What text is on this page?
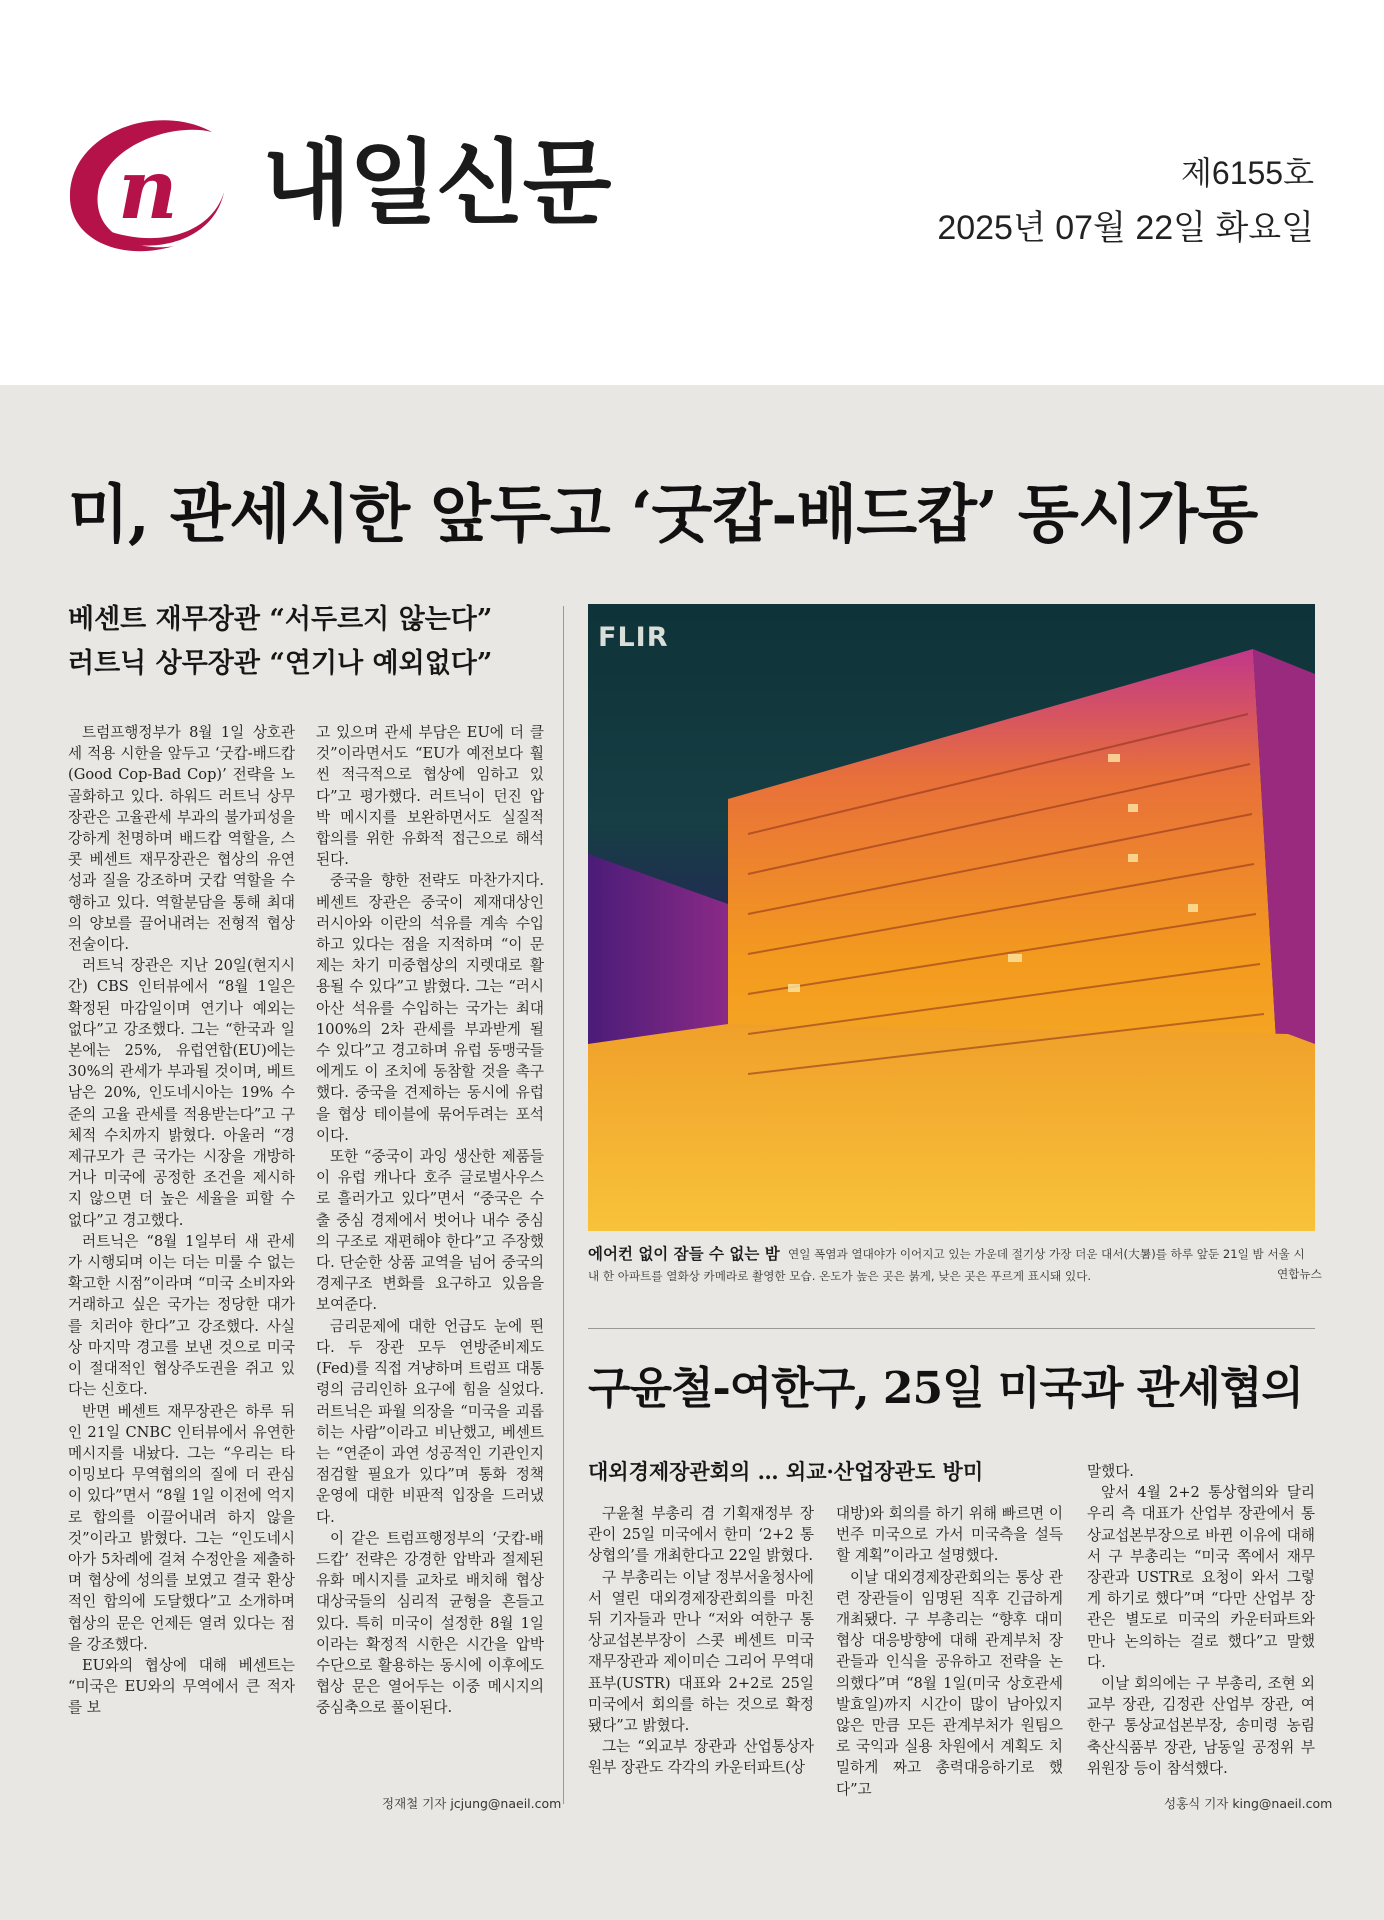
n 내일신문	제6155호
2025년 07월 22일 화요일
미, 관세시한 앞두고 ‘굿캅-배드캅’ 동시가동
베센트 재무장관 “서두르지 않는다”
러트닉 상무장관 “연기나 예외없다”

트럼프행정부가 8월 1일 상호관세 적용 시한을 앞두고 ‘굿캅-배드캅(Good Cop-Bad Cop)’ 전략을 노골화하고 있다. 하워드 러트닉 상무장관은 고율관세 부과의 불가피성을 강하게 천명하며 배드캅 역할을, 스콧 베센트 재무장관은 협상의 유연성과 질을 강조하며 굿캅 역할을 수행하고 있다. 역할분담을 통해 최대의 양보를 끌어내려는 전형적 협상 전술이다.

러트닉 장관은 지난 20일(현지시간) CBS 인터뷰에서 “8월 1일은 확정된 마감일이며 연기나 예외는 없다”고 강조했다. 그는 “한국과 일본에는 25%, 유럽연합(EU)에는 30%의 관세가 부과될 것이며, 베트남은 20%, 인도네시아는 19% 수준의 고율 관세를 적용받는다”고 구체적 수치까지 밝혔다. 아울러 “경제규모가 큰 국가는 시장을 개방하거나 미국에 공정한 조건을 제시하지 않으면 더 높은 세율을 피할 수 없다”고 경고했다.

러트닉은 “8월 1일부터 새 관세가 시행되며 이는 더는 미룰 수 없는 확고한 시점”이라며 “미국 소비자와 거래하고 싶은 국가는 정당한 대가를 치러야 한다”고 강조했다. 사실상 마지막 경고를 보낸 것으로 미국이 절대적인 협상주도권을 쥐고 있다는 신호다.

반면 베센트 재무장관은 하루 뒤인 21일 CNBC 인터뷰에서 유연한 메시지를 내놨다. 그는 “우리는 타이밍보다 무역협의의 질에 더 관심이 있다”면서 “8월 1일 이전에 억지로 합의를 이끌어내려 하지 않을 것”이라고 밝혔다. 그는 “인도네시아가 5차례에 걸쳐 수정안을 제출하며 협상에 성의를 보였고 결국 환상적인 합의에 도달했다”고 소개하며 협상의 문은 언제든 열려 있다는 점을 강조했다.

EU와의 협상에 대해 베센트는 “미국은 EU와의 무역에서 큰 적자를 보

고 있으며 관세 부담은 EU에 더 클 것”이라면서도 “EU가 예전보다 훨씬 적극적으로 협상에 임하고 있다”고 평가했다. 러트닉이 던진 압박 메시지를 보완하면서도 실질적 합의를 위한 유화적 접근으로 해석된다.

중국을 향한 전략도 마찬가지다. 베센트 장관은 중국이 제재대상인 러시아와 이란의 석유를 계속 수입하고 있다는 점을 지적하며 “이 문제는 차기 미중협상의 지렛대로 활용될 수 있다”고 밝혔다. 그는 “러시아산 석유를 수입하는 국가는 최대 100%의 2차 관세를 부과받게 될 수 있다”고 경고하며 유럽 동맹국들에게도 이 조치에 동참할 것을 촉구했다. 중국을 견제하는 동시에 유럽을 협상 테이블에 묶어두려는 포석이다.

또한 “중국이 과잉 생산한 제품들이 유럽 캐나다 호주 글로벌사우스로 흘러가고 있다”면서 “중국은 수출 중심 경제에서 벗어나 내수 중심의 구조로 재편해야 한다”고 주장했다. 단순한 상품 교역을 넘어 중국의 경제구조 변화를 요구하고 있음을 보여준다.

금리문제에 대한 언급도 눈에 띈다. 두 장관 모두 연방준비제도(Fed)를 직접 겨냥하며 트럼프 대통령의 금리인하 요구에 힘을 실었다. 러트닉은 파월 의장을 “미국을 괴롭히는 사람”이라고 비난했고, 베센트는 “연준이 과연 성공적인 기관인지 점검할 필요가 있다”며 통화 정책 운영에 대한 비판적 입장을 드러냈다.

이 같은 트럼프행정부의 ‘굿캅-배드캅’ 전략은 강경한 압박과 절제된 유화 메시지를 교차로 배치해 협상 대상국들의 심리적 균형을 흔들고 있다. 특히 미국이 설정한 8월 1일이라는 확정적 시한은 시간을 압박수단으로 활용하는 동시에 이후에도 협상 문은 열어두는 이중 메시지의 중심축으로 풀이된다.

정재철 기자 jcjung@naeil.com
FLIR
에어컨 없이 잠들 수 없는 밤 연일 폭염과 열대야가 이어지고 있는 가운데 절기상 가장 더운 대서(大暑)를 하루 앞둔 21일 밤 서울 시내 한 아파트를 열화상 카메라로 촬영한 모습. 온도가 높은 곳은 붉게, 낮은 곳은 푸르게 표시돼 있다.	연합뉴스
구윤철-여한구, 25일 미국과 관세협의
대외경제장관회의 … 외교·산업장관도 방미

구윤철 부총리 겸 기획재정부 장관이 25일 미국에서 한미 ‘2+2 통상협의’를 개최한다고 22일 밝혔다.

구 부총리는 이날 정부서울청사에서 열린 대외경제장관회의를 마친 뒤 기자들과 만나 “저와 여한구 통상교섭본부장이 스콧 베센트 미국 재무장관과 제이미슨 그리어 무역대표부(USTR) 대표와 2+2로 25일 미국에서 회의를 하는 것으로 확정됐다”고 밝혔다.

그는 “외교부 장관과 산업통상자원부 장관도 각각의 카운터파트(상

대방)와 회의를 하기 위해 빠르면 이번주 미국으로 가서 미국측을 설득할 계획”이라고 설명했다.

이날 대외경제장관회의는 통상 관련 장관들이 임명된 직후 긴급하게 개최됐다. 구 부총리는 “향후 대미협상 대응방향에 대해 관계부처 장관들과 인식을 공유하고 전략을 논의했다”며 “8월 1일(미국 상호관세 발효일)까지 시간이 많이 남아있지 않은 만큼 모든 관계부처가 원팀으로 국익과 실용 차원에서 계획도 치밀하게 짜고 총력대응하기로 했다”고

말했다.

앞서 4월 2+2 통상협의와 달리 우리 측 대표가 산업부 장관에서 통상교섭본부장으로 바뀐 이유에 대해서 구 부총리는 “미국 쪽에서 재무장관과 USTR로 요청이 와서 그렇게 하기로 했다”며 “다만 산업부 장관은 별도로 미국의 카운터파트와 만나 논의하는 걸로 했다”고 말했다.

이날 회의에는 구 부총리, 조현 외교부 장관, 김정관 산업부 장관, 여한구 통상교섭본부장, 송미령 농림축산식품부 장관, 남동일 공정위 부위원장 등이 참석했다.

성홍식 기자 king@naeil.com
